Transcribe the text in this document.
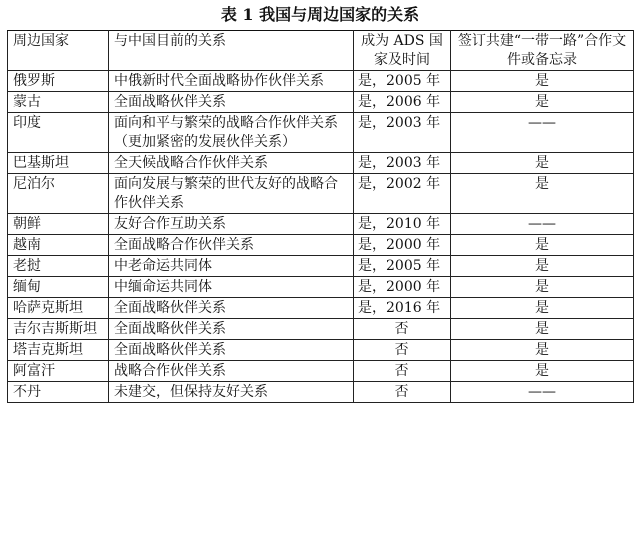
表 1 我国与周边国家的关系
周边国家	与中国目前的关系	成为 ADS 国家及时间	签订共建“一带一路”合作文件或备忘录
俄罗斯	中俄新时代全面战略协作伙伴关系	是，2005 年	是
蒙古	全面战略伙伴关系	是，2006 年	是
印度	面向和平与繁荣的战略合作伙伴关系（更加紧密的发展伙伴关系）	是，2003 年	——
巴基斯坦	全天候战略合作伙伴关系	是，2003 年	是
尼泊尔	面向发展与繁荣的世代友好的战略合作伙伴关系	是，2002 年	是
朝鲜	友好合作互助关系	是，2010 年	——
越南	全面战略合作伙伴关系	是，2000 年	是
老挝	中老命运共同体	是，2005 年	是
缅甸	中缅命运共同体	是，2000 年	是
哈萨克斯坦	全面战略伙伴关系	是，2016 年	是
吉尔吉斯斯坦	全面战略伙伴关系	否	是
塔吉克斯坦	全面战略伙伴关系	否	是
阿富汗	战略合作伙伴关系	否	是
不丹	未建交，但保持友好关系	否	——
